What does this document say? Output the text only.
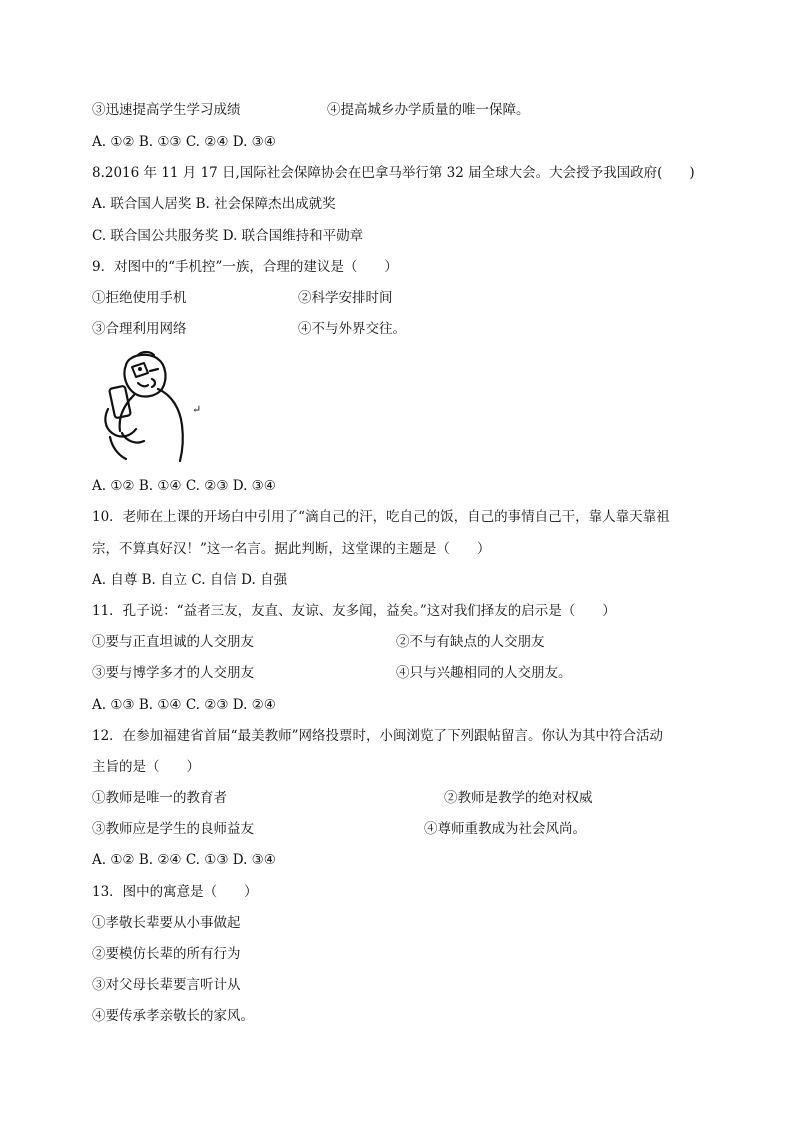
③迅速提高学生学习成绩	④提高城乡办学质量的唯一保障。
A. ①② B. ①③ C. ②④ D. ③④
8.2016 年 11 月 17 日,国际社会保障协会在巴拿马举行第 32 届全球大会。大会授予我国政府(　　)
A. 联合国人居奖 B. 社会保障杰出成就奖
C. 联合国公共服务奖 D. 联合国维持和平勋章
9．对图中的“手机控”一族，合理的建议是（　　）
①拒绝使用手机	②科学安排时间
③合理利用网络	④不与外界交往。
↵
A. ①② B. ①④ C. ②③ D. ③④
10．老师在上课的开场白中引用了“滴自己的汗，吃自己的饭，自己的事情自己干，靠人靠天靠祖
宗，不算真好汉！”这一名言。据此判断，这堂课的主题是（　　）
A. 自尊 B. 自立 C. 自信 D. 自强
11．孔子说：“益者三友，友直、友谅、友多闻，益矣。”这对我们择友的启示是（　　）
①要与正直坦诚的人交朋友	②不与有缺点的人交朋友
③要与博学多才的人交朋友	④只与兴趣相同的人交朋友。
A. ①③ B. ①④ C. ②③ D. ②④
12．在参加福建省首届“最美教师”网络投票时，小闽浏览了下列跟帖留言。你认为其中符合活动
主旨的是（　　）
①教师是唯一的教育者	②教师是教学的绝对权威
③教师应是学生的良师益友	④尊师重教成为社会风尚。
A. ①② B. ②④ C. ①③ D. ③④
13．图中的寓意是（　　）
①孝敬长辈要从小事做起
②要模仿长辈的所有行为
③对父母长辈要言听计从
④要传承孝亲敬长的家风。
